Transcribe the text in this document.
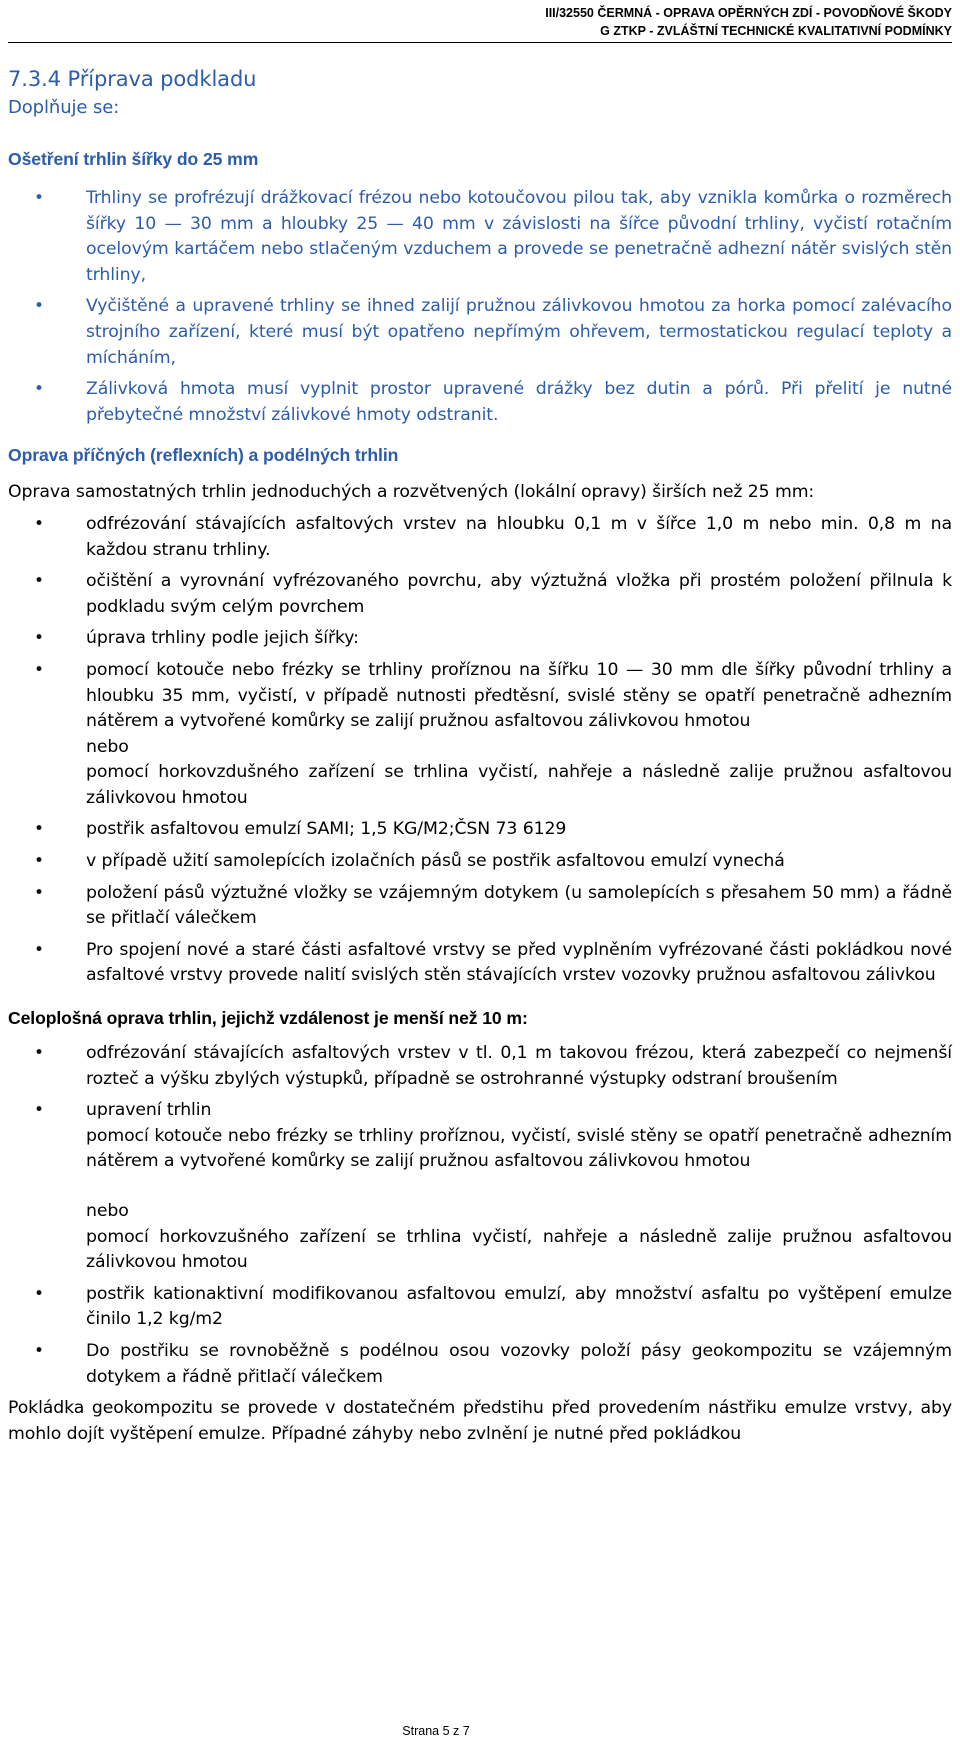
III/32550 ČERMNÁ - OPRAVA OPĚRNÝCH ZDÍ - POVODŇOVÉ ŠKODY
G ZTKP - ZVLÁŠTNÍ TECHNICKÉ KVALITATIVNÍ PODMÍNKY

7.3.4 Příprava podkladu

Doplňuje se:

Ošetření trhlin šířky do 25 mm

• Trhliny se profrézují drážkovací frézou nebo kotoučovou pilou tak, aby vznikla komůrka o rozměrech šířky 10 — 30 mm a hloubky 25 — 40 mm v závislosti na šířce původní trhliny, vyčistí rotačním ocelovým kartáčem nebo stlačeným vzduchem a provede se penetračně adhezní nátěr svislých stěn trhliny,
• Vyčištěné a upravené trhliny se ihned zalijí pružnou zálivkovou hmotou za horka pomocí zalévacího strojního zařízení, které musí být opatřeno nepřímým ohřevem, termostatickou regulací teploty a mícháním,
• Zálivková hmota musí vyplnit prostor upravené drážky bez dutin a pórů. Při přelití je nutné přebytečné množství zálivkové hmoty odstranit.

Oprava příčných (reflexních) a podélných trhlin

Oprava samostatných trhlin jednoduchých a rozvětvených (lokální opravy) širších než 25 mm:

• odfrézování stávajících asfaltových vrstev na hloubku 0,1 m v šířce 1,0 m nebo min. 0,8 m na každou stranu trhliny.
• očištění a vyrovnání vyfrézovaného povrchu, aby výztužná vložka při prostém položení přilnula k podkladu svým celým povrchem
• úprava trhliny podle jejich šířky:
• pomocí kotouče nebo frézky se trhliny proříznou na šířku 10 — 30 mm dle šířky původní trhliny a hloubku 35 mm, vyčistí, v případě nutnosti předtěsní, svislé stěny se opatří penetračně adhezním nátěrem a vytvořené komůrky se zalijí pružnou asfaltovou zálivkovou hmotou
nebo
pomocí horkovzdušného zařízení se trhlina vyčistí, nahřeje a následně zalije pružnou asfaltovou zálivkovou hmotou
• postřik asfaltovou emulzí SAMI; 1,5 KG/M2;ČSN 73 6129
• v případě užití samolepících izolačních pásů se postřik asfaltovou emulzí vynechá
• položení pásů výztužné vložky se vzájemným dotykem (u samolepících s přesahem 50 mm) a řádně se přitlačí válečkem
• Pro spojení nové a staré části asfaltové vrstvy se před vyplněním vyfrézované části pokládkou nové asfaltové vrstvy provede nalití svislých stěn stávajících vrstev vozovky pružnou asfaltovou zálivkou

Celoplošná oprava trhlin, jejichž vzdálenost je menší než 10 m:

• odfrézování stávajících asfaltových vrstev v tl. 0,1 m takovou frézou, která zabezpečí co nejmenší rozteč a výšku zbylých výstupků, případně se ostrohranné výstupky odstraní broušením
• upravení trhlin
pomocí kotouče nebo frézky se trhliny proříznou, vyčistí, svislé stěny se opatří penetračně adhezním nátěrem a vytvořené komůrky se zalijí pružnou asfaltovou zálivkovou hmotou
nebo
pomocí horkovzušného zařízení se trhlina vyčistí, nahřeje a následně zalije pružnou asfaltovou zálivkovou hmotou
• postřik kationaktivní modifikovanou asfaltovou emulzí, aby množství asfaltu po vyštěpení emulze činilo 1,2 kg/m2
• Do postřiku se rovnoběžně s podélnou osou vozovky položí pásy geokompozitu se vzájemným dotykem a řádně přitlačí válečkem

Pokládka geokompozitu se provede v dostatečném předstihu před provedením nástřiku emulze vrstvy, aby mohlo dojít vyštěpení emulze. Případné záhyby nebo zvlnění je nutné před pokládkou

Strana 5 z 7
